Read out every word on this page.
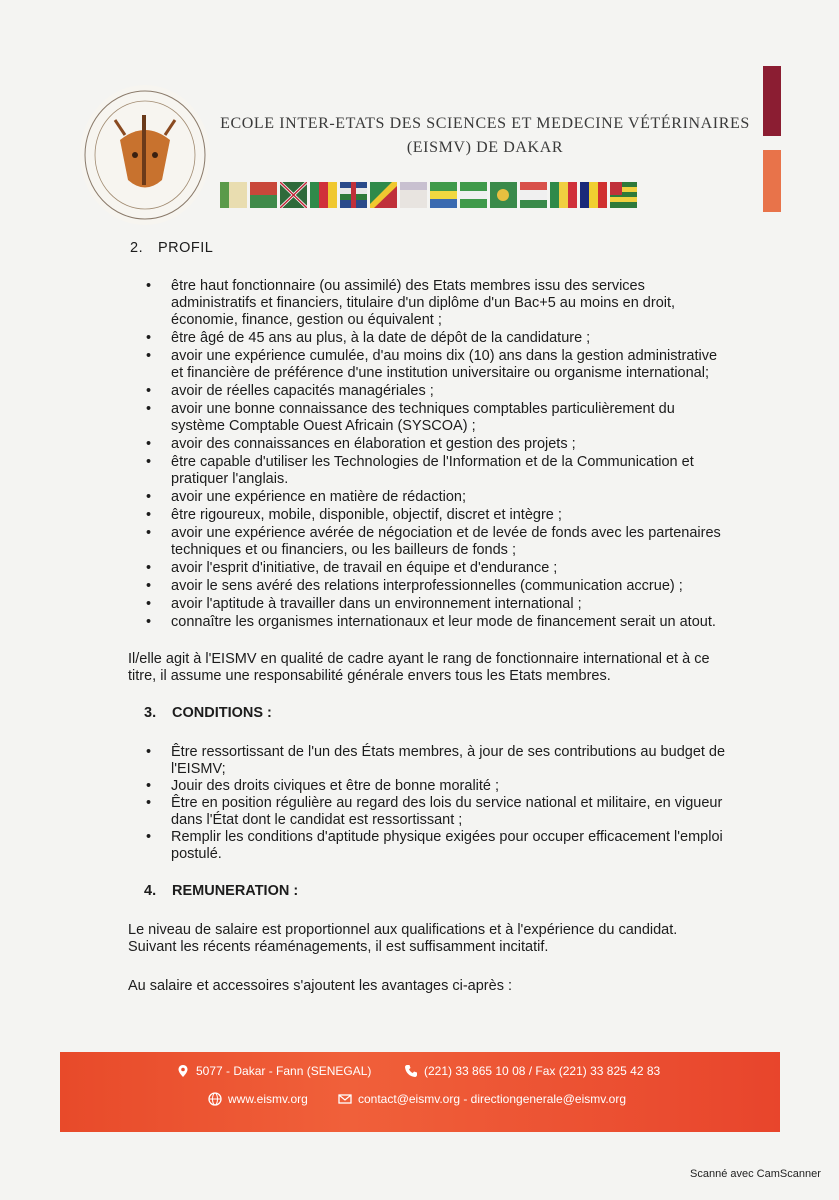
ECOLE INTER-ETATS DES SCIENCES ET MEDECINE VÉTÉRINAIRES
(EISMV) DE DAKAR

2. PROFIL

• être haut fonctionnaire (ou assimilé) des Etats membres issu des services administratifs et financiers, titulaire d'un diplôme d'un Bac+5 au moins en droit, économie, finance, gestion ou équivalent ;
• être âgé de 45 ans au plus, à la date de dépôt de la candidature ;
• avoir une expérience cumulée, d'au moins dix (10) ans dans la gestion administrative et financière de préférence d'une institution universitaire ou organisme international;
• avoir de réelles capacités managériales ;
• avoir une bonne connaissance des techniques comptables particulièrement du système Comptable Ouest Africain (SYSCOA) ;
• avoir des connaissances en élaboration et gestion des projets ;
• être capable d'utiliser les Technologies de l'Information et de la Communication et pratiquer l'anglais.
• avoir une expérience en matière de rédaction;
• être rigoureux, mobile, disponible, objectif, discret et intègre ;
• avoir une expérience avérée de négociation et de levée de fonds avec les partenaires techniques et ou financiers, ou les bailleurs de fonds ;
• avoir l'esprit d'initiative, de travail en équipe et d'endurance ;
• avoir le sens avéré des relations interprofessionnelles (communication accrue) ;
• avoir l'aptitude à travailler dans un environnement international ;
• connaître les organismes internationaux et leur mode de financement serait un atout.

Il/elle agit à l'EISMV en qualité de cadre ayant le rang de fonctionnaire international et à ce titre, il assume une responsabilité générale envers tous les Etats membres.

3. CONDITIONS :

• Être ressortissant de l'un des États membres, à jour de ses contributions au budget de l'EISMV;
• Jouir des droits civiques et être de bonne moralité ;
• Être en position régulière au regard des lois du service national et militaire, en vigueur dans l'État dont le candidat est ressortissant ;
• Remplir les conditions d'aptitude physique exigées pour occuper efficacement l'emploi postulé.

4. REMUNERATION :

Le niveau de salaire est proportionnel aux qualifications et à l'expérience du candidat. Suivant les récents réaménagements, il est suffisamment incitatif.

Au salaire et accessoires s'ajoutent les avantages ci-après :

5077 - Dakar - Fann (SENEGAL)	(221) 33 865 10 08 / Fax (221) 33 825 42 83
www.eismv.org	contact@eismv.org - directiongenerale@eismv.org
Scanné avec CamScanner
